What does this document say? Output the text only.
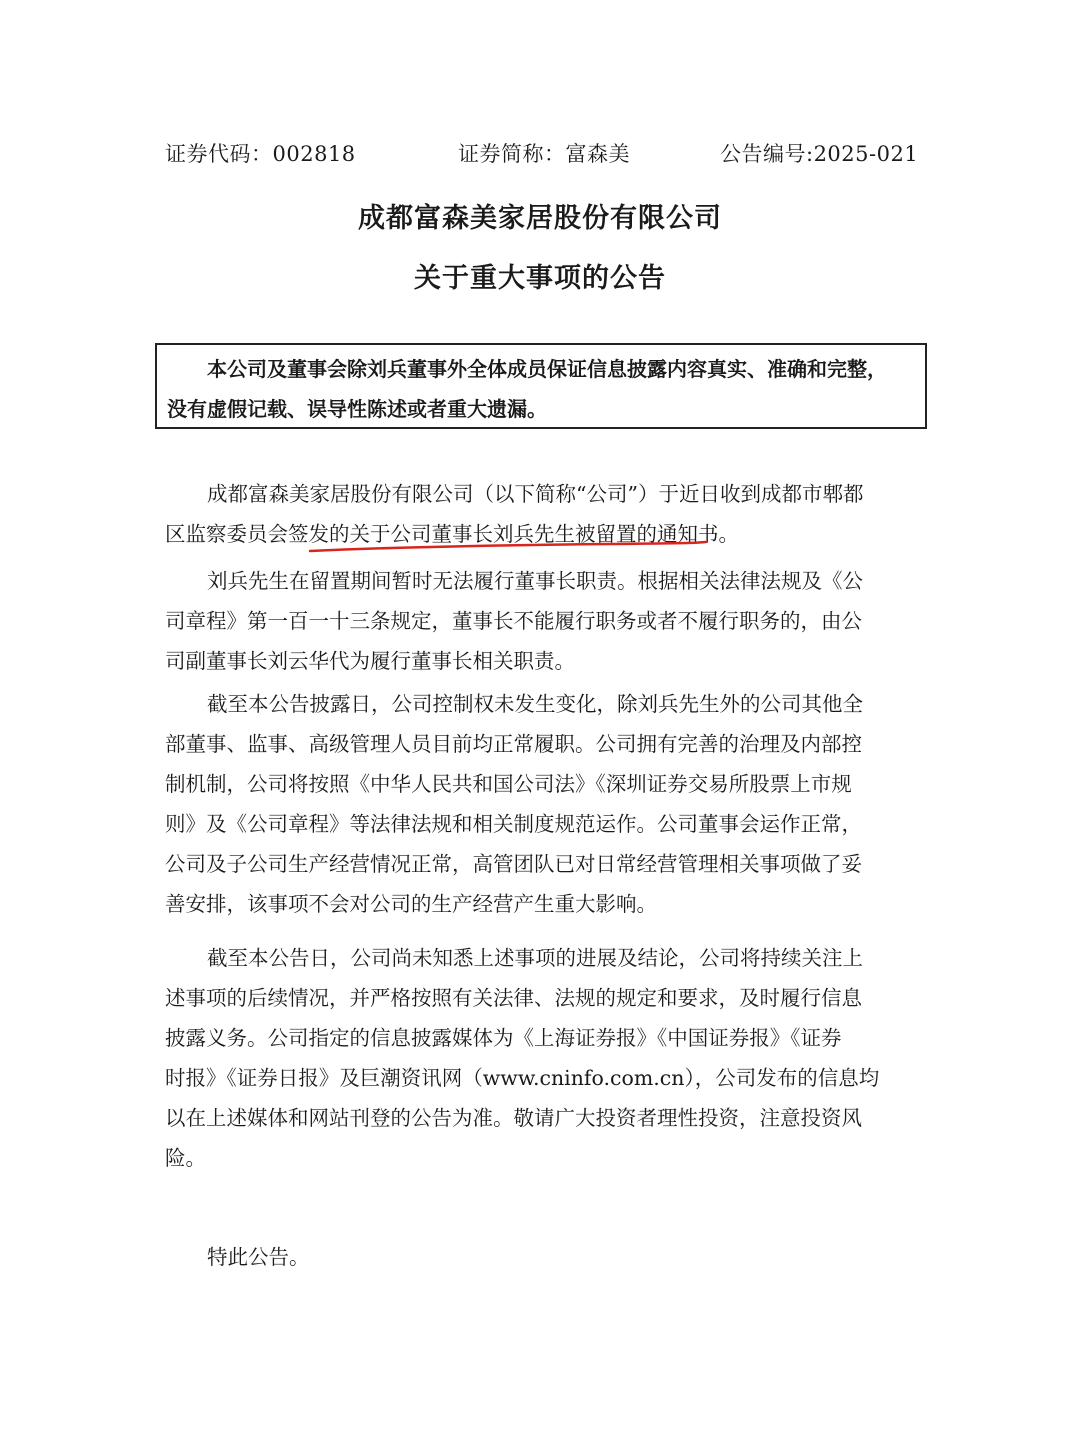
证券代码：002818	证券简称：富森美	公告编号:2025-021
成都富森美家居股份有限公司
关于重大事项的公告
本公司及董事会除刘兵董事外全体成员保证信息披露内容真实、准确和完整，
没有虚假记载、误导性陈述或者重大遗漏。
成都富森美家居股份有限公司（以下简称“公司”）于近日收到成都市郫都
区监察委员会签发的关于公司董事长刘兵先生被留置的通知书。
刘兵先生在留置期间暂时无法履行董事长职责。根据相关法律法规及《公
司章程》第一百一十三条规定，董事长不能履行职务或者不履行职务的，由公
司副董事长刘云华代为履行董事长相关职责。
截至本公告披露日，公司控制权未发生变化，除刘兵先生外的公司其他全
部董事、监事、高级管理人员目前均正常履职。公司拥有完善的治理及内部控
制机制，公司将按照《中华人民共和国公司法》《深圳证券交易所股票上市规
则》及《公司章程》等法律法规和相关制度规范运作。公司董事会运作正常，
公司及子公司生产经营情况正常，高管团队已对日常经营管理相关事项做了妥
善安排，该事项不会对公司的生产经营产生重大影响。
截至本公告日，公司尚未知悉上述事项的进展及结论，公司将持续关注上
述事项的后续情况，并严格按照有关法律、法规的规定和要求，及时履行信息
披露义务。公司指定的信息披露媒体为《上海证券报》《中国证券报》《证券
时报》《证券日报》及巨潮资讯网（www.cninfo.com.cn），公司发布的信息均
以在上述媒体和网站刊登的公告为准。敬请广大投资者理性投资，注意投资风
险。
特此公告。
